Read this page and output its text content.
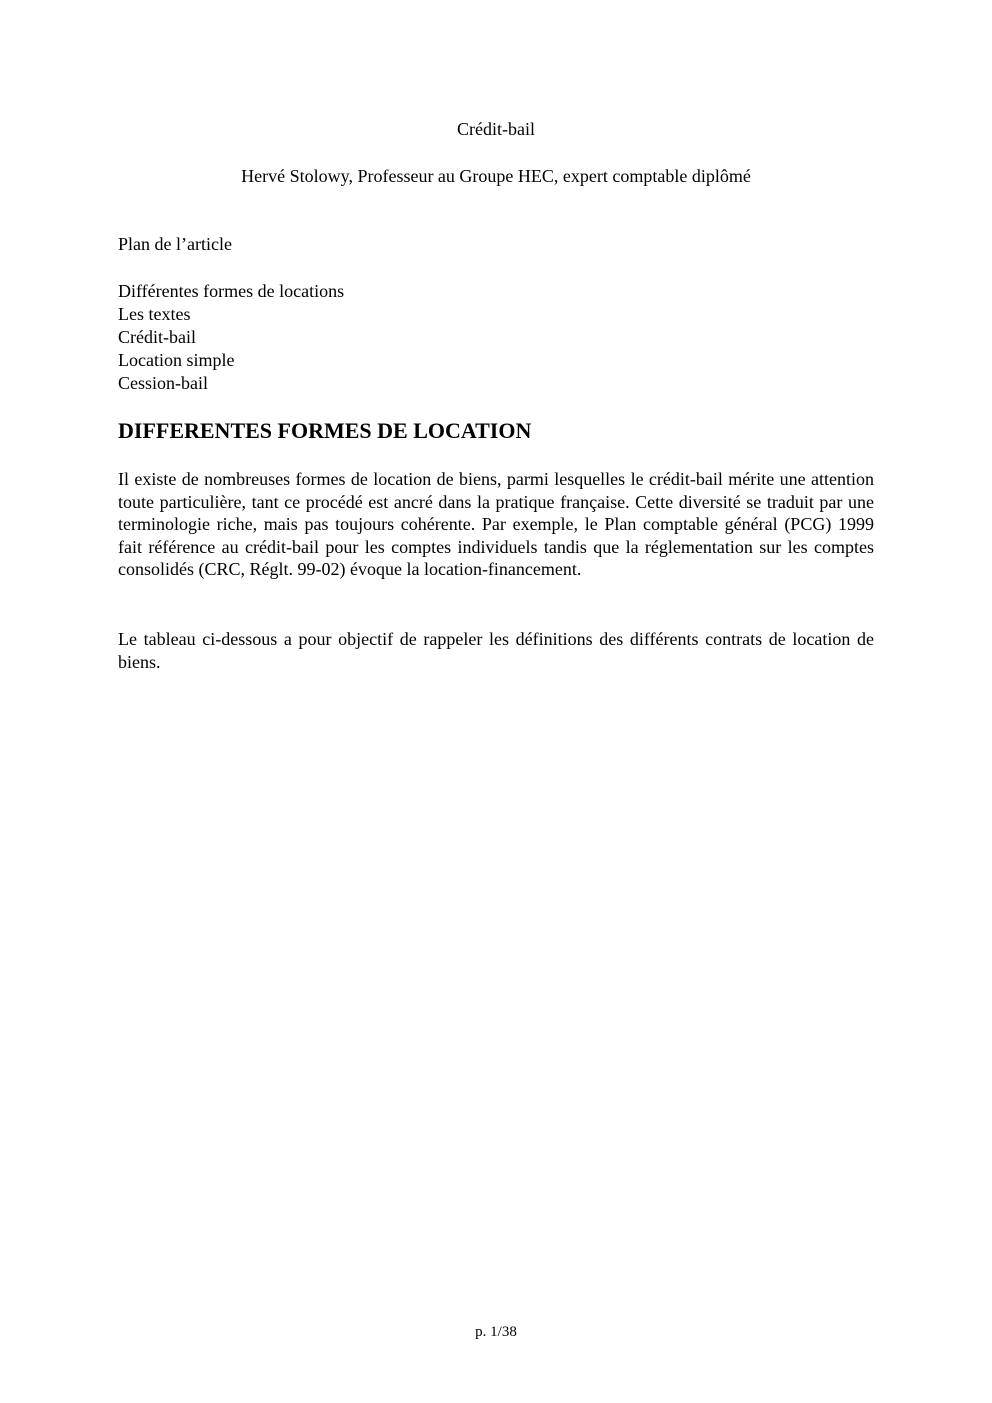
Crédit-bail
Hervé Stolowy, Professeur au Groupe HEC, expert comptable diplômé
Plan de l’article
Différentes formes de locations
Les textes
Crédit-bail
Location simple
Cession-bail
DIFFERENTES FORMES DE LOCATION

Il existe de nombreuses formes de location de biens, parmi lesquelles le crédit-bail mérite une attention toute particulière, tant ce procédé est ancré dans la pratique française. Cette diversité se traduit par une terminologie riche, mais pas toujours cohérente. Par exemple, le Plan comptable général (PCG) 1999 fait référence au crédit-bail pour les comptes individuels tandis que la réglementation sur les comptes consolidés (CRC, Réglt. 99-02) évoque la location-financement.

Le tableau ci-dessous a pour objectif de rappeler les définitions des différents contrats de location de biens.

p. 1/38
